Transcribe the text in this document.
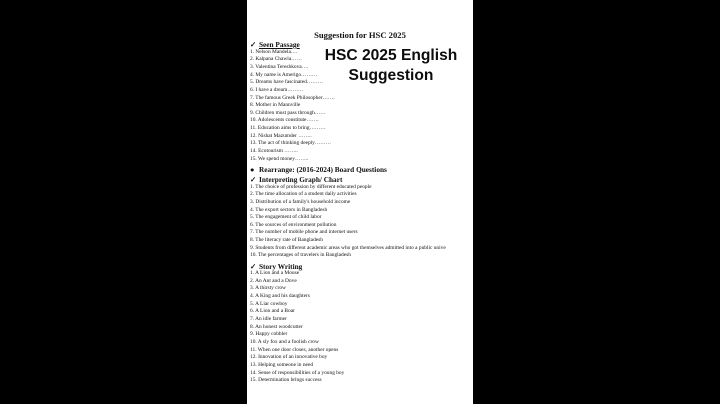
Suggestion for HSC 2025
✓ Seen Passage
1. Nelson Mandela.…
2. Kalpana Chawla……
3. Valentina Tereshkova….
4. My name is Amerigo………
5. Dreams have fascinated………
6. I have a dream………
7. The famous Greek Philosopher…….
8. Mother in Mannville
9. Children must pass through……
10. Adolescents constitute…….
11. Education aims to bring………
12. Nishat Mazumder ……..
13. The act of thinking deeply………
14. Ecotourism ……..
15. We spend money……..
● Rearrange: (2016-2024) Board Questions
✓ Interpreting Graph/ Chart
1. The choice of profession by different educated people
2. The time allocation of a student daily activities
3. Distribution of a family's household income
4. The export sectors in Bangladesh
5. The engagement of child labor
6. The sources of environment pollution
7. The number of mobile phone and internet users
8. The literacy rate of Bangladesh
9. Students from different academic areas who got themselves admitted into a public unive
10. The percentages of travelers in Bangladesh
✓ Story Writing
1. A Lion and a Mouse
2. An Ant and a Dove
3. A thirsty crow
4. A King and his daughters
5. A Liar cowboy
6. A Lion and a Boar
7. An idle farmer
8. An honest woodcutter
9. Happy cobbler
10. A sly fox and a foolish crow
11. When one door closes, another opens
12. Innovation of an innovative boy
13. Helping someone in need
14. Sense of responsibilities of a young boy
15. Determination brings success
HSC 2025 English
Suggestion
